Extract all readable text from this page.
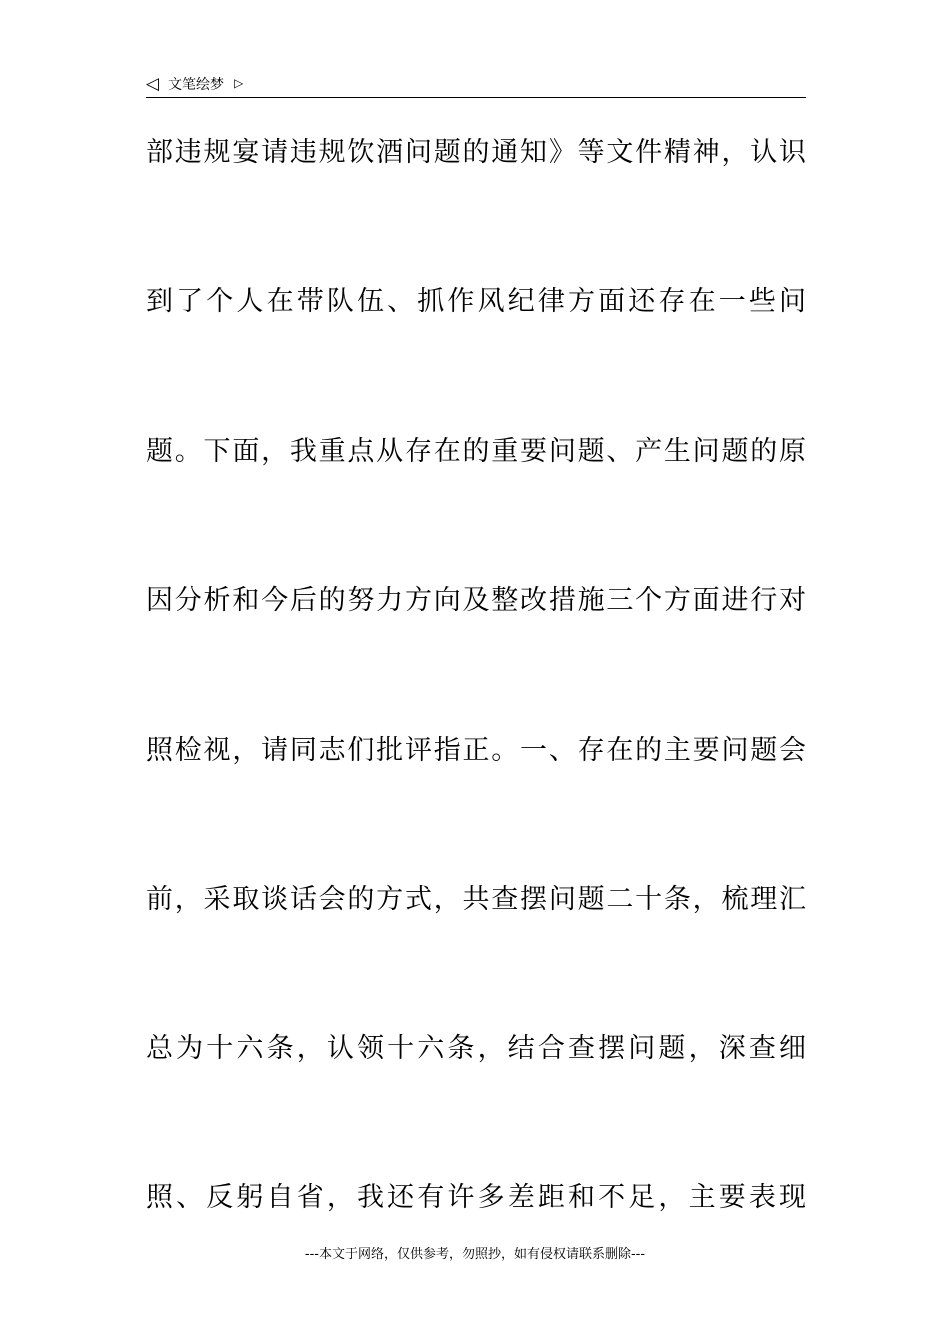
◁ 文笔绘梦 ▷
部违规宴请违规饮酒问题的通知》等文件精神，认识
到了个人在带队伍、抓作风纪律方面还存在一些问
题。下面，我重点从存在的重要问题、产生问题的原
因分析和今后的努力方向及整改措施三个方面进行对
照检视，请同志们批评指正。一、存在的主要问题会
前，采取谈话会的方式，共查摆问题二十条，梳理汇
总为十六条，认领十六条，结合查摆问题，深查细
照、反躬自省，我还有许多差距和不足，主要表现
---本文于网络，仅供参考，勿照抄，如有侵权请联系删除---
